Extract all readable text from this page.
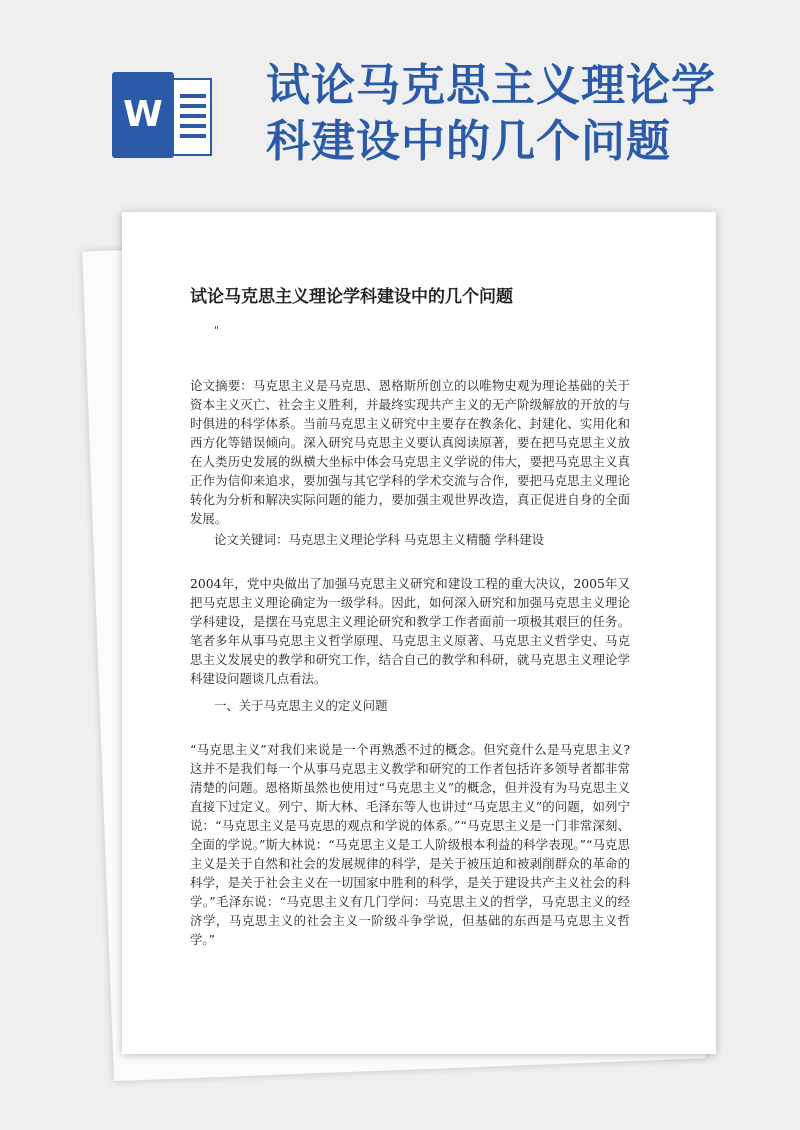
W
试论马克思主义理论学科建设中的几个问题
试论马克思主义理论学科建设中的几个问题
"

论文摘要：马克思主义是马克思、恩格斯所创立的以唯物史观为理论基础的关于资本主义灭亡、社会主义胜利，并最终实现共产主义的无产阶级解放的开放的与时俱进的科学体系。当前马克思主义研究中主要存在教条化、封建化、实用化和西方化等错误倾向。深入研究马克思主义要认真阅读原著，要在把马克思主义放在人类历史发展的纵横大坐标中体会马克思主义学说的伟大，要把马克思主义真正作为信仰来追求，要加强与其它学科的学术交流与合作，要把马克思主义理论转化为分析和解决实际问题的能力，要加强主观世界改造，真正促进自身的全面发展。

论文关键词：马克思主义理论学科 马克思主义精髓 学科建设

2004年，党中央做出了加强马克思主义研究和建设工程的重大决议，2005年又把马克思主义理论确定为一级学科。因此，如何深入研究和加强马克思主义理论学科建设，是摆在马克思主义理论研究和教学工作者面前一项极其艰巨的任务。笔者多年从事马克思主义哲学原理、马克思主义原著、马克思主义哲学史、马克思主义发展史的教学和研究工作，结合自己的教学和科研，就马克思主义理论学科建设问题谈几点看法。

一、关于马克思主义的定义问题

“马克思主义”对我们来说是一个再熟悉不过的概念。但究竟什么是马克思主义?这并不是我们每一个从事马克思主义教学和研究的工作者包括许多领导者都非常清楚的问题。恩格斯虽然也使用过“马克思主义”的概念，但并没有为马克思主义直接下过定义。列宁、斯大林、毛泽东等人也讲过“马克思主义”的问题，如列宁说：“马克思主义是马克思的观点和学说的体系。”“马克思主义是一门非常深刻、全面的学说。”斯大林说：“马克思主义是工人阶级根本利益的科学表现。”“马克思主义是关于自然和社会的发展规律的科学，是关于被压迫和被剥削群众的革命的科学，是关于社会主义在一切国家中胜利的科学，是关于建设共产主义社会的科学。”毛泽东说：“马克思主义有几门学问：马克思主义的哲学，马克思主义的经济学，马克思主义的社会主义一阶级斗争学说，但基础的东西是马克思主义哲学。”
